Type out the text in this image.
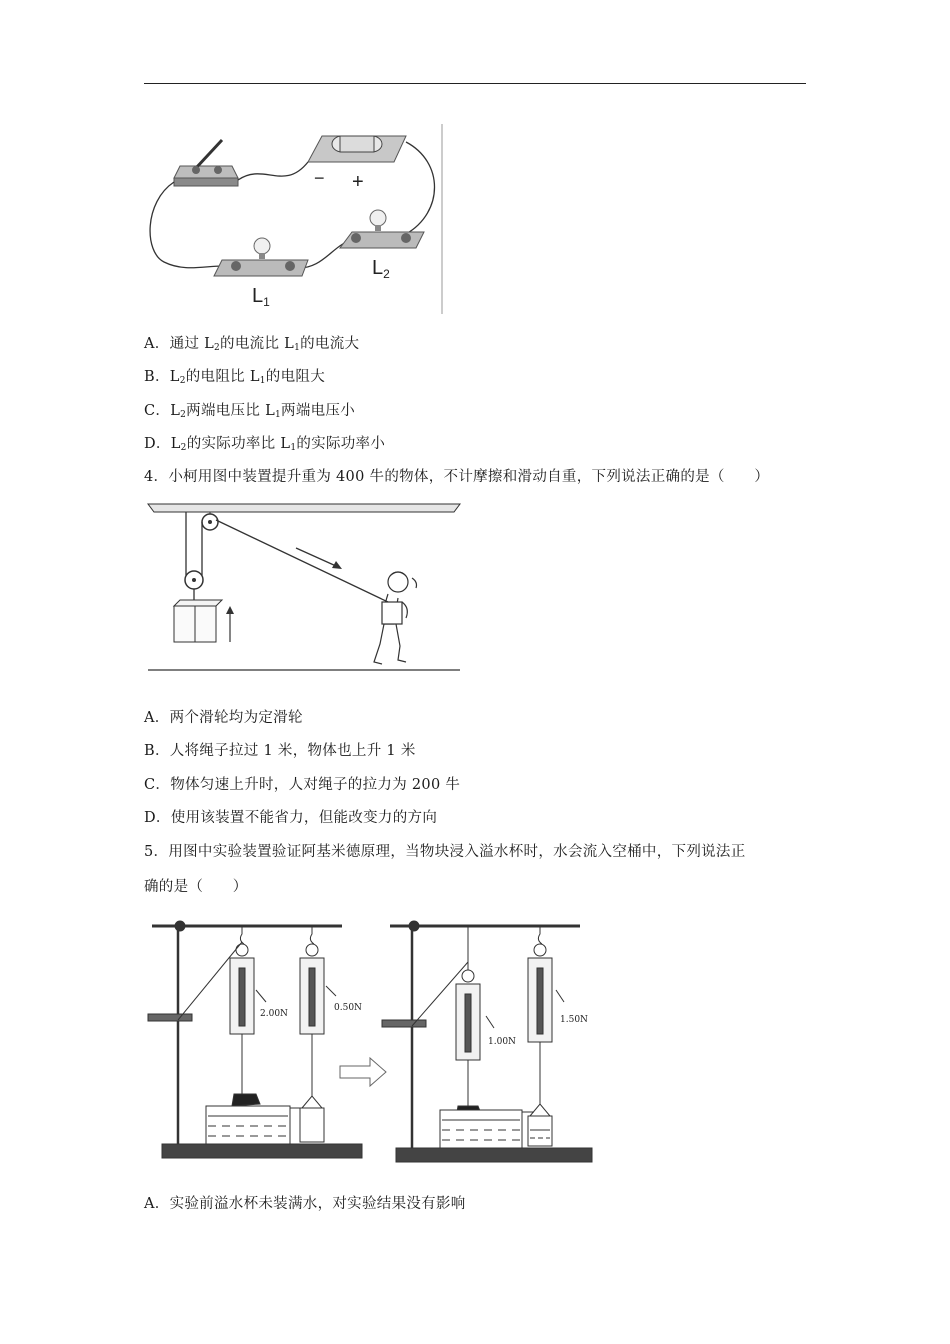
− +
$L_1$
$L_2$
A．通过 $L_2$的电流比 $L_1$的电流大
B．$L_2$的电阻比 $L_1$的电阻大
C．$L_2$两端电压比 $L_1$两端电压小
D．$L_2$的实际功率比 $L_1$的实际功率小
4．小柯用图中装置提升重为 400 牛的物体，不计摩擦和滑动自重，下列说法正确的是（　　）
A．两个滑轮均为定滑轮
B．人将绳子拉过 1 米，物体也上升 1 米
C．物体匀速上升时，人对绳子的拉力为 200 牛
D．使用该装置不能省力，但能改变力的方向
5．用图中实验装置验证阿基米德原理，当物块浸入溢水杯时，水会流入空桶中，下列说法正
确的是（　　）
2.00N
0.50N
1.00N
1.50N
A．实验前溢水杯未装满水，对实验结果没有影响
